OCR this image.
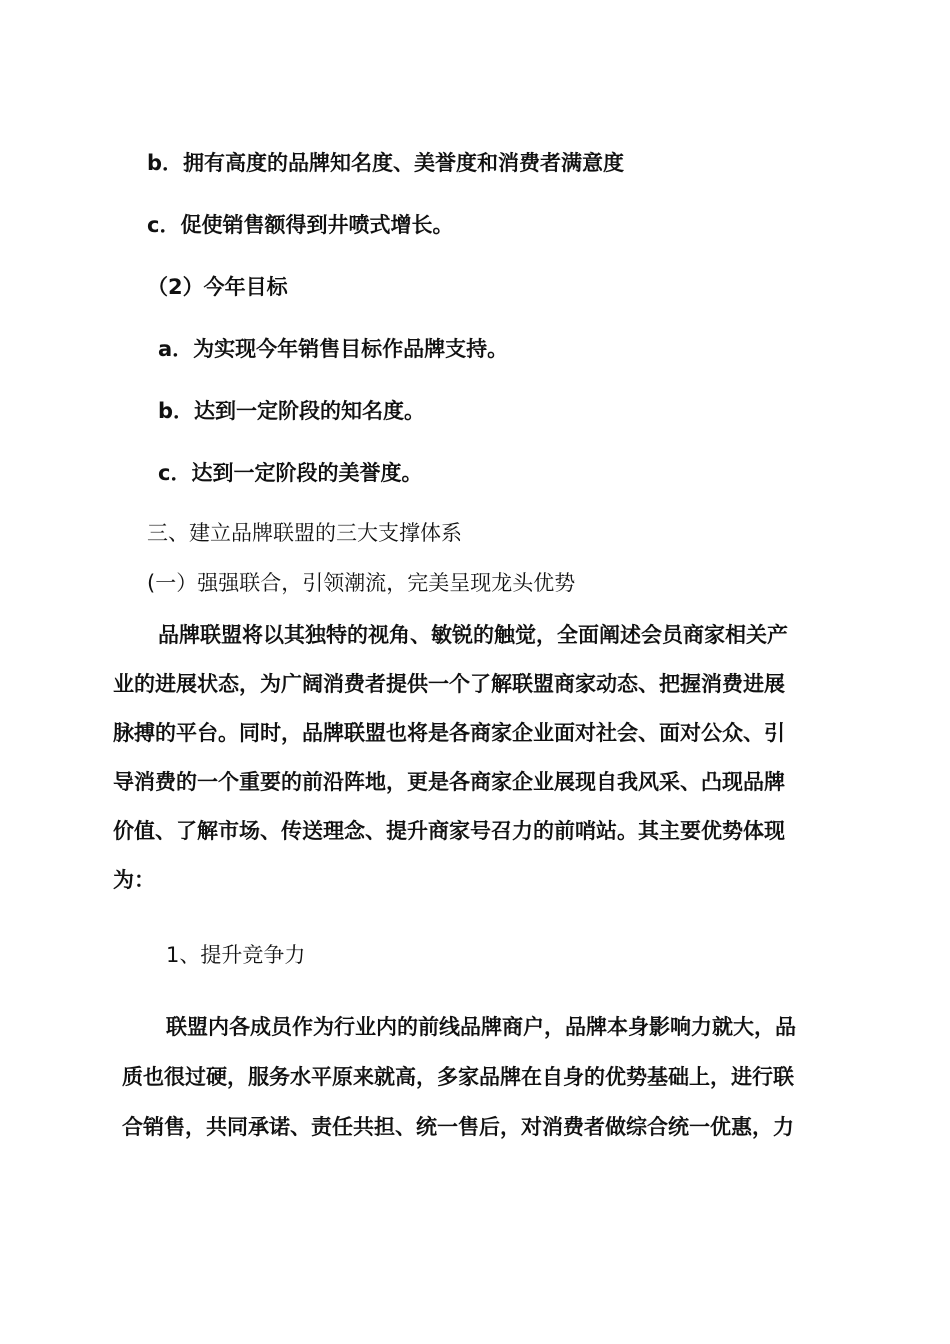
b．拥有高度的品牌知名度、美誉度和消费者满意度

c．促使销售额得到井喷式增长。

（2）今年目标

a．为实现今年销售目标作品牌支持。

b．达到一定阶段的知名度。

c．达到一定阶段的美誉度。

三、建立品牌联盟的三大支撑体系

(一）强强联合，引领潮流，完美呈现龙头优势

品牌联盟将以其独特的视角、敏锐的触觉，全面阐述会员商家相关产

业的进展状态，为广阔消费者提供一个了解联盟商家动态、把握消费进展

脉搏的平台。同时，品牌联盟也将是各商家企业面对社会、面对公众、引

导消费的一个重要的前沿阵地，更是各商家企业展现自我风采、凸现品牌

价值、了解市场、传送理念、提升商家号召力的前哨站。其主要优势体现

为：

1、提升竞争力

联盟内各成员作为行业内的前线品牌商户，品牌本身影响力就大，品

质也很过硬，服务水平原来就高，多家品牌在自身的优势基础上，进行联

合销售，共同承诺、责任共担、统一售后，对消费者做综合统一优惠，力
